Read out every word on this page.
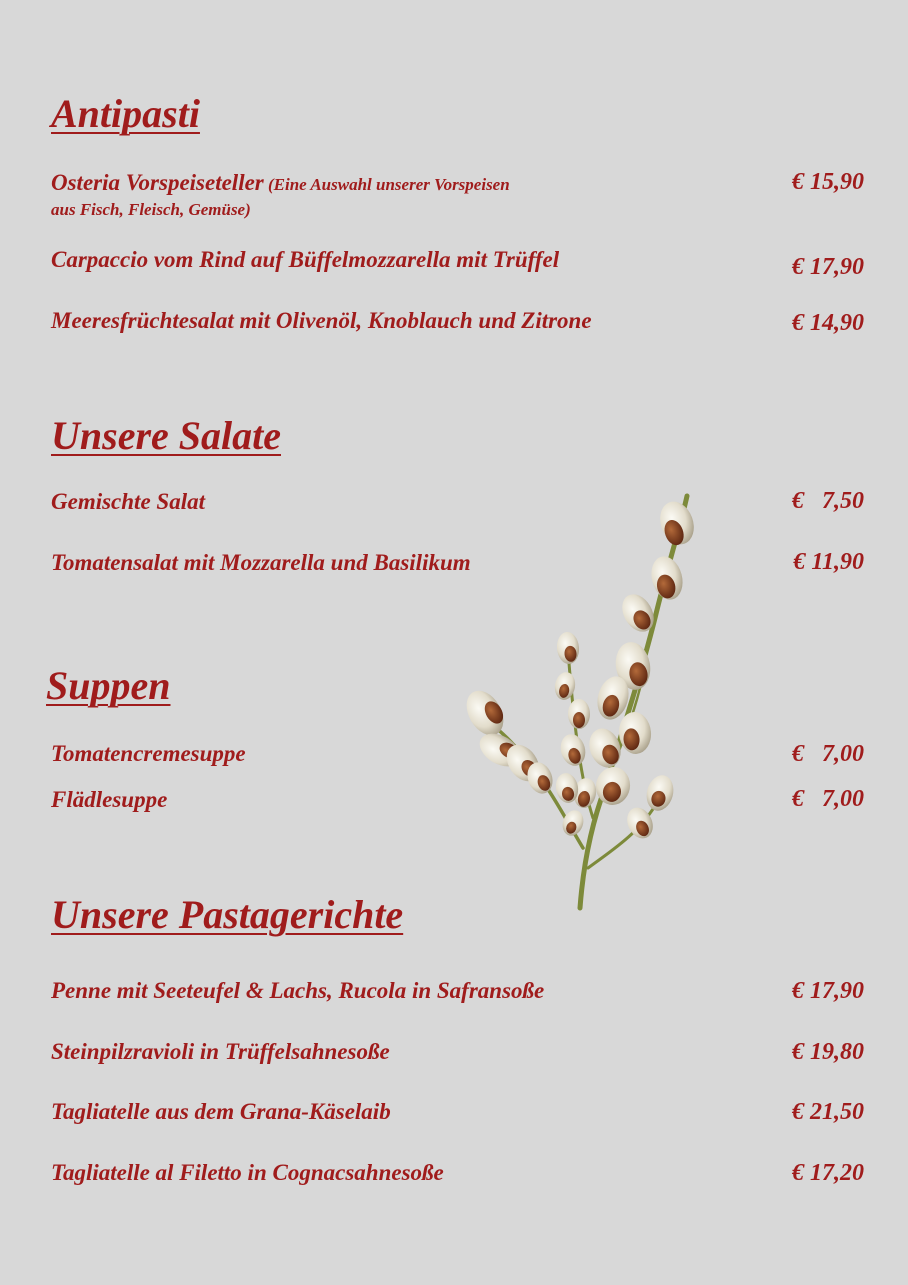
Antipasti
Osteria Vorspeiseteller (Eine Auswahl unserer Vorspeisen
aus Fisch, Fleisch, Gemüse)
€ 15,90
Carpaccio vom Rind auf Büffelmozzarella mit Trüffel	€ 17,90
Meeresfrüchtesalat mit Olivenöl, Knoblauch und Zitrone	€ 14,90
Unsere Salate
Gemischte Salat	€   7,50
Tomatensalat mit Mozzarella und Basilikum	€ 11,90
Suppen
Tomatencremesuppe	€   7,00
Flädlesuppe	€   7,00
Unsere Pastagerichte
Penne mit Seeteufel & Lachs, Rucola in Safransoße	€ 17,90
Steinpilzravioli in Trüffelsahnesoße	€ 19,80
Tagliatelle aus dem Grana-Käselaib	€ 21,50
Tagliatelle al Filetto in Cognacsahnesoße	€ 17,20
